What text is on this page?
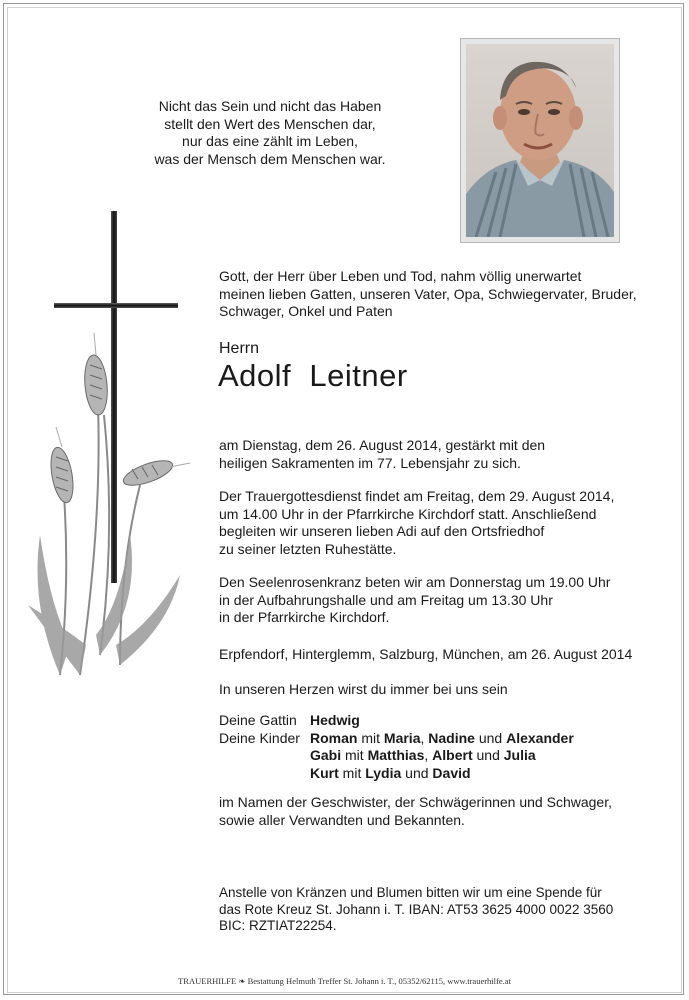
Nicht das Sein und nicht das Haben
stellt den Wert des Menschen dar,
nur das eine zählt im Leben,
was der Mensch dem Menschen war.
Gott, der Herr über Leben und Tod, nahm völlig unerwartet
meinen lieben Gatten, unseren Vater, Opa, Schwiegervater, Bruder,
Schwager, Onkel und Paten
Herrn
Adolf  Leitner
am Dienstag, dem 26. August 2014, gestärkt mit den
heiligen Sakramenten im 77. Lebensjahr zu sich.
Der Trauergottesdienst findet am Freitag, dem 29. August 2014,
um 14.00 Uhr in der Pfarrkirche Kirchdorf statt. Anschließend
begleiten wir unseren lieben Adi auf den Ortsfriedhof
zu seiner letzten Ruhestätte.
Den Seelenrosenkranz beten wir am Donnerstag um 19.00 Uhr
in der Aufbahrungshalle und am Freitag um 13.30 Uhr
in der Pfarrkirche Kirchdorf.
Erpfendorf, Hinterglemm, Salzburg, München, am 26. August 2014
In unseren Herzen wirst du immer bei uns sein
Deine Gattin Hedwig
Deine Kinder Roman mit Maria, Nadine und Alexander
Gabi mit Matthias, Albert und Julia
Kurt mit Lydia und David
im Namen der Geschwister, der Schwägerinnen und Schwager,
sowie aller Verwandten und Bekannten.
Anstelle von Kränzen und Blumen bitten wir um eine Spende für
das Rote Kreuz St. Johann i. T. IBAN: AT53 3625 4000 0022 3560
BIC: RZTIAT22254.
TRAUERHILFE ❧ Bestattung Helmuth Treffer St. Johann i. T., 05352/62115, www.trauerhilfe.at
